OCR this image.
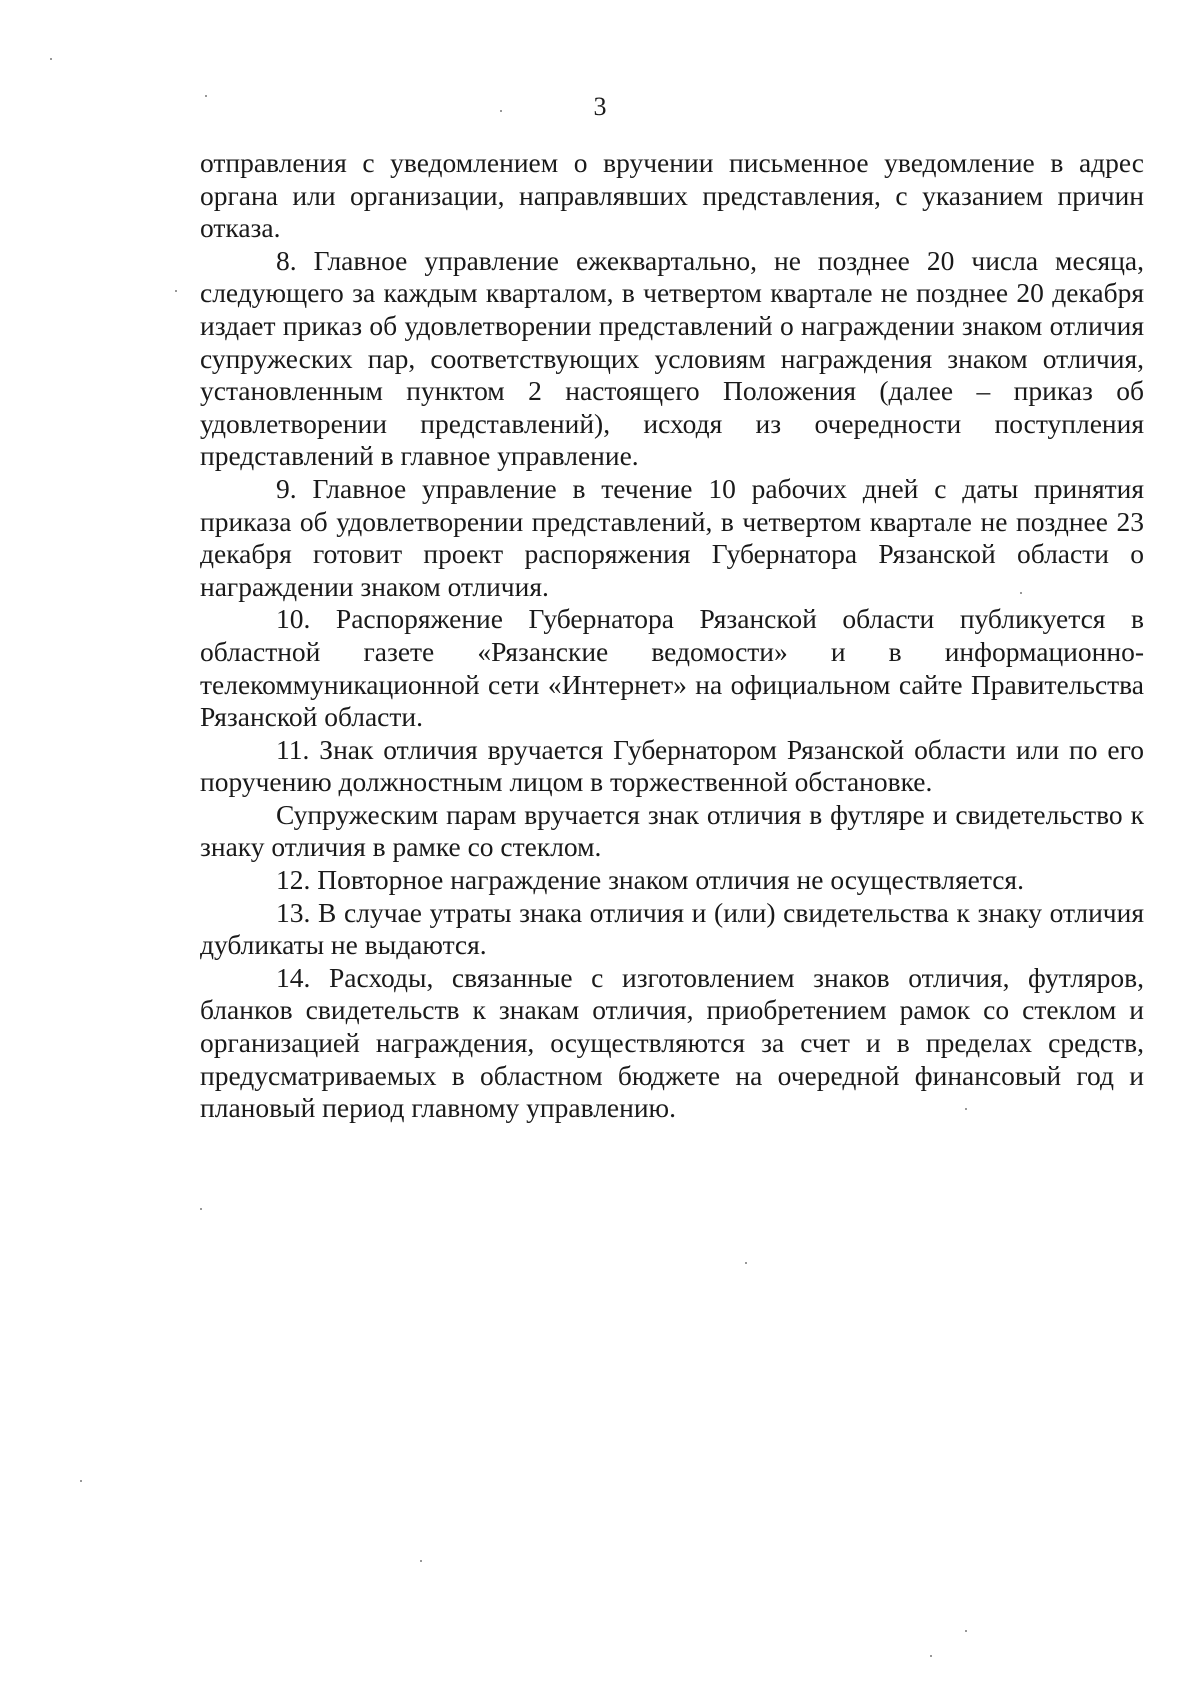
3

отправления с уведомлением о вручении письменное уведомление в адрес органа или организации, направлявших представления, с указанием причин отказа.

8. Главное управление ежеквартально, не позднее 20 числа месяца, следующего за каждым кварталом, в четвертом квартале не позднее 20 декабря издает приказ об удовлетворении представлений о награждении знаком отличия супружеских пар, соответствующих условиям награждения знаком отличия, установленным пунктом 2 настоящего Положения (далее – приказ об удовлетворении представлений), исходя из очередности поступления представлений в главное управление.

9. Главное управление в течение 10 рабочих дней с даты принятия приказа об удовлетворении представлений, в четвертом квартале не позднее 23 декабря готовит проект распоряжения Губернатора Рязанской области о награждении знаком отличия.

10. Распоряжение Губернатора Рязанской области публикуется в областной газете «Рязанские ведомости» и в информационно-телекоммуникационной сети «Интернет» на официальном сайте Правительства Рязанской области.

11. Знак отличия вручается Губернатором Рязанской области или по его поручению должностным лицом в торжественной обстановке.

Супружеским парам вручается знак отличия в футляре и свидетельство к знаку отличия в рамке со стеклом.

12. Повторное награждение знаком отличия не осуществляется.

13. В случае утраты знака отличия и (или) свидетельства к знаку отличия дубликаты не выдаются.

14. Расходы, связанные с изготовлением знаков отличия, футляров, бланков свидетельств к знакам отличия, приобретением рамок со стеклом и организацией награждения, осуществляются за счет и в пределах средств, предусматриваемых в областном бюджете на очередной финансовый год и плановый период главному управлению.
